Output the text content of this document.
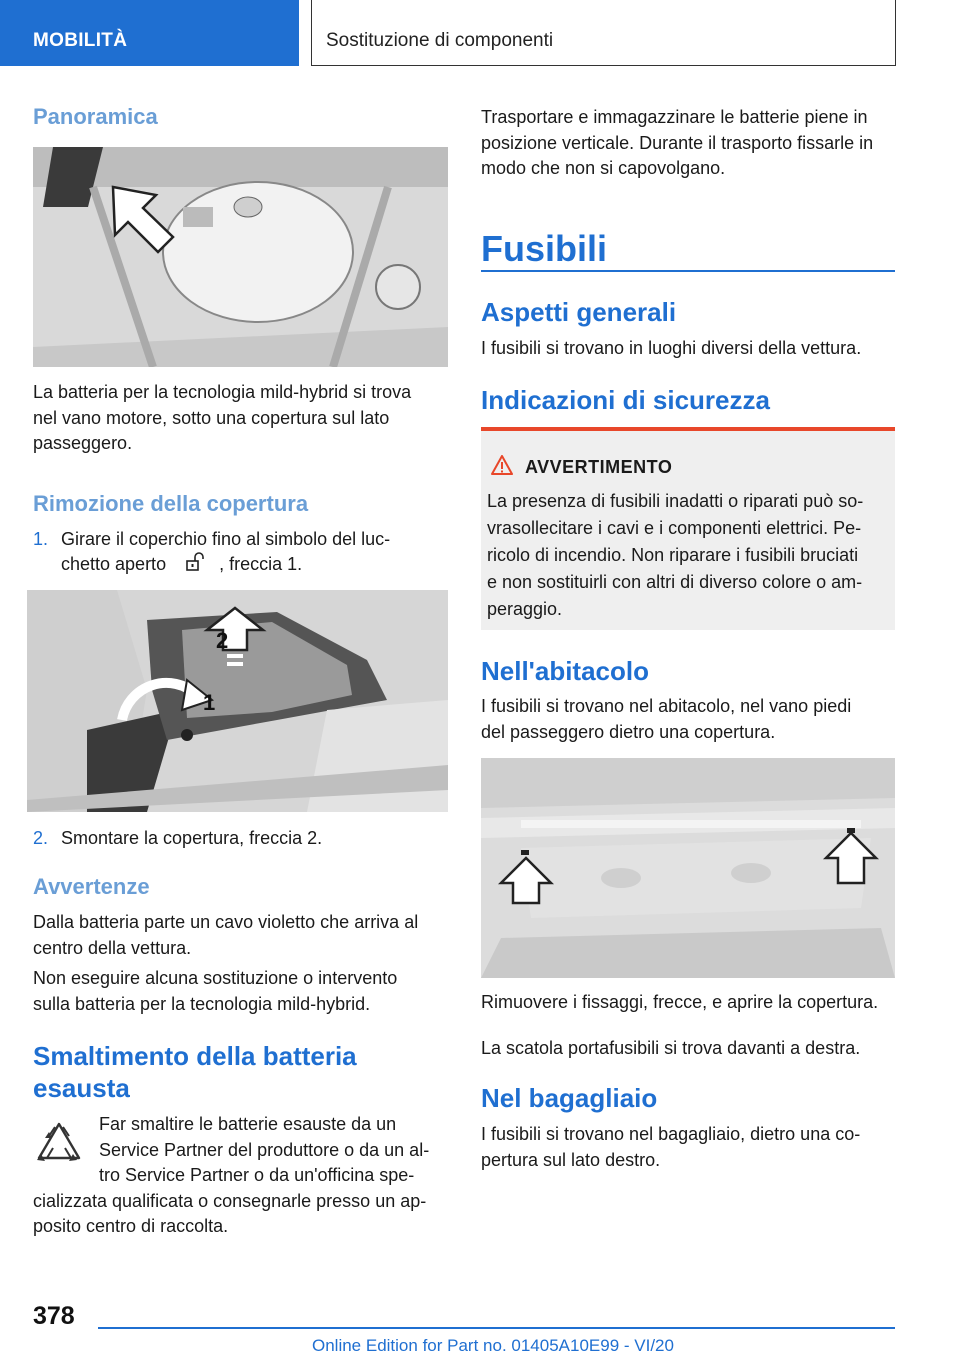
MOBILITÀ	Sostituzione di componenti
Panoramica
La batteria per la tecnologia mild-hybrid si trova
nel vano motore, sotto una copertura sul lato
passeggero.
Rimozione della copertura
1. Girare il coperchio fino al simbolo del luc-
chetto aperto	, freccia 1.
2
1
2. Smontare la copertura, freccia 2.
Avvertenze
Dalla batteria parte un cavo violetto che arriva al
centro della vettura.
Non eseguire alcuna sostituzione o intervento
sulla batteria per la tecnologia mild-hybrid.
Smaltimento della batteria
esausta
Far smaltire le batterie esauste da un
Service Partner del produttore o da un al-
tro Service Partner o da un'officina spe-
cializzata qualificata o consegnarle presso un ap-
posito centro di raccolta.
Trasportare e immagazzinare le batterie piene in
posizione verticale. Durante il trasporto fissarle in
modo che non si capovolgano.
Fusibili
Aspetti generali
I fusibili si trovano in luoghi diversi della vettura.
Indicazioni di sicurezza
AVVERTIMENTO
La presenza di fusibili inadatti o riparati può so-
vrasollecitare i cavi e i componenti elettrici. Pe-
ricolo di incendio. Non riparare i fusibili bruciati
e non sostituirli con altri di diverso colore o am-
peraggio.
Nell'abitacolo
I fusibili si trovano nel abitacolo, nel vano piedi
del passeggero dietro una copertura.
Rimuovere i fissaggi, frecce, e aprire la copertura.
La scatola portafusibili si trova davanti a destra.
Nel bagagliaio
I fusibili si trovano nel bagagliaio, dietro una co-
pertura sul lato destro.
378
Online Edition for Part no. 01405A10E99 - VI/20
